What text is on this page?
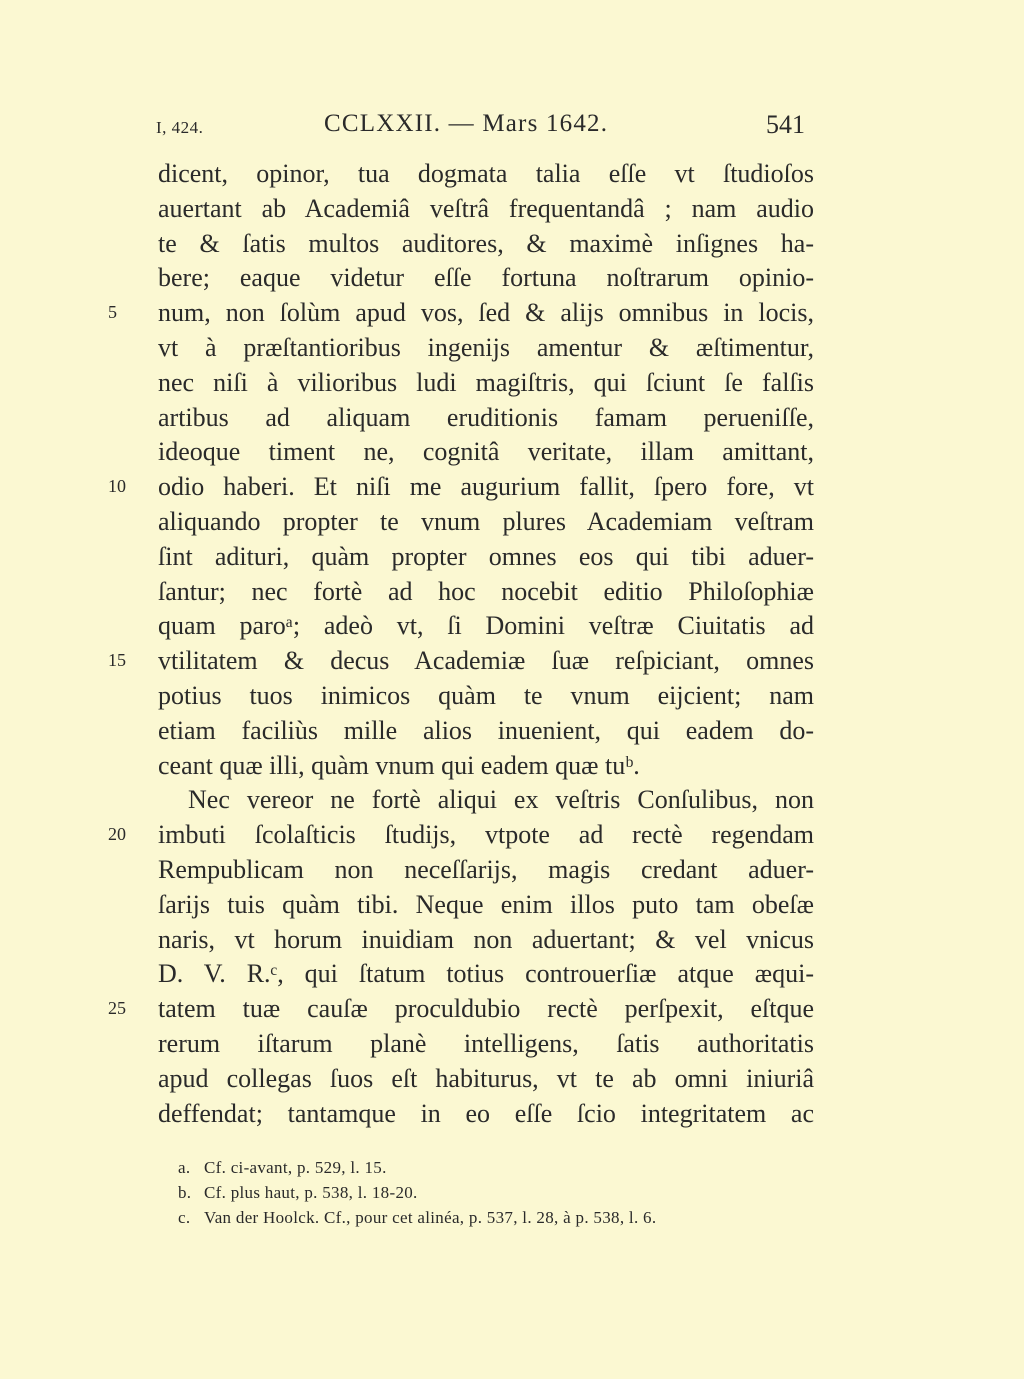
I, 424.	CCLXXII. — Mars 1642.	541
dicent, opinor, tua dogmata talia eſſe vt ſtudioſos
auertant ab Academiâ veſtrâ frequentandâ ; nam audio
te & ſatis multos auditores, & maximè inſignes ha-
bere; eaque videtur eſſe fortuna noſtrarum opinio-
5	num, non ſolùm apud vos, ſed & alijs omnibus in locis,
vt à præſtantioribus ingenijs amentur & æſtimentur,
nec niſi à vilioribus ludi magiſtris, qui ſciunt ſe falſis
artibus ad aliquam eruditionis famam perueniſſe,
ideoque timent ne, cognitâ veritate, illam amittant,
10	odio haberi. Et niſi me augurium fallit, ſpero fore, vt
aliquando propter te vnum plures Academiam veſtram
ſint adituri, quàm propter omnes eos qui tibi aduer-
ſantur; nec fortè ad hoc nocebit editio Philoſophiæ
quam paroᵃ; adeò vt, ſi Domini veſtræ Ciuitatis ad
15	vtilitatem & decus Academiæ ſuæ reſpiciant, omnes
potius tuos inimicos quàm te vnum eijcient; nam
etiam faciliùs mille alios inuenient, qui eadem do-
ceant quæ illi, quàm vnum qui eadem quæ tuᵇ.
Nec vereor ne fortè aliqui ex veſtris Conſulibus, non
20	imbuti ſcolaſticis ſtudijs, vtpote ad rectè regendam
Rempublicam non neceſſarijs, magis credant aduer-
ſarijs tuis quàm tibi. Neque enim illos puto tam obeſæ
naris, vt horum inuidiam non aduertant; & vel vnicus
D. V. R.ᶜ, qui ſtatum totius controuerſiæ atque æqui-
25	tatem tuæ cauſæ proculdubio rectè perſpexit, eſtque
rerum iſtarum planè intelligens, ſatis authoritatis
apud collegas ſuos eſt habiturus, vt te ab omni iniuriâ
deffendat; tantamque in eo eſſe ſcio integritatem ac
a. Cf. ci-avant, p. 529, l. 15.
b. Cf. plus haut, p. 538, l. 18-20.
c. Van der Hoolck. Cf., pour cet alinéa, p. 537, l. 28, à p. 538, l. 6.
